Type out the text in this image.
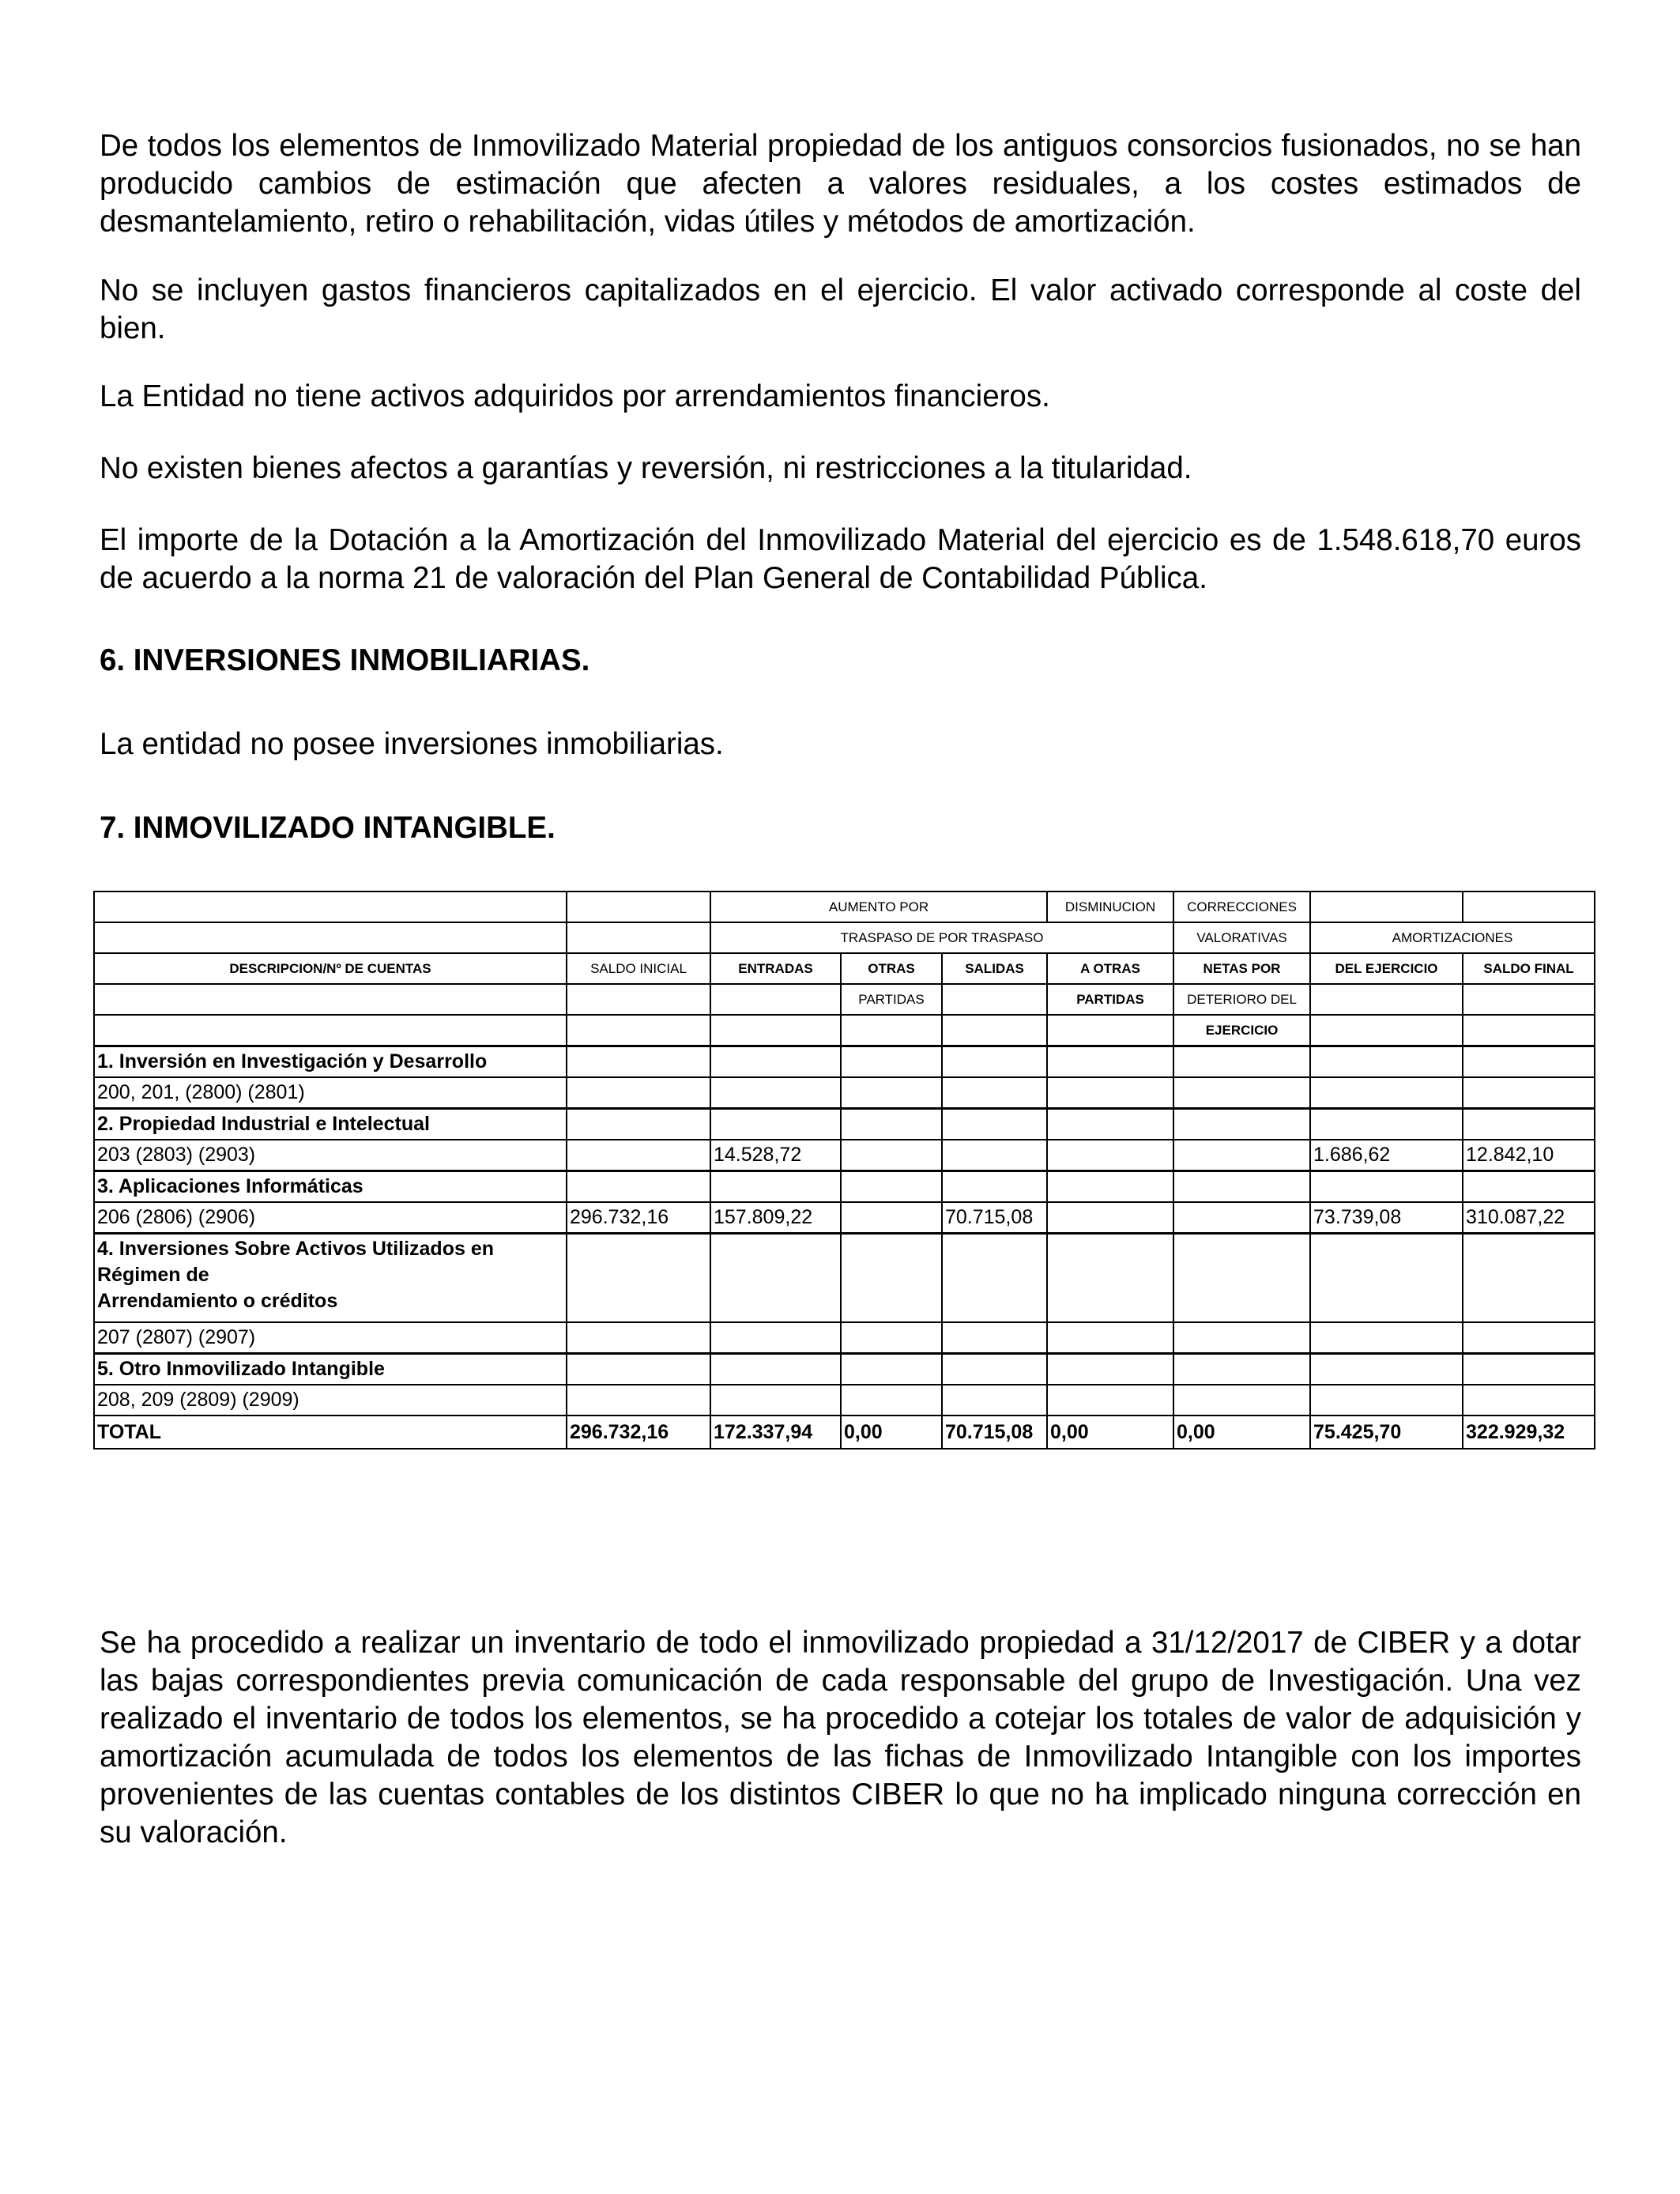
De todos los elementos de Inmovilizado Material propiedad de los antiguos consorcios fusionados, no se han producido cambios de estimación que afecten a valores residuales, a los costes estimados de desmantelamiento, retiro o rehabilitación, vidas útiles y métodos de amortización.

No se incluyen gastos financieros capitalizados en el ejercicio. El valor activado corresponde al coste del bien.

La Entidad no tiene activos adquiridos por arrendamientos financieros.

No existen bienes afectos a garantías y reversión, ni restricciones a la titularidad.

El importe de la Dotación a la Amortización del Inmovilizado Material del ejercicio es de 1.548.618,70 euros de acuerdo a la norma 21 de valoración del Plan General de Contabilidad Pública.

6. INVERSIONES INMOBILIARIAS.

La entidad no posee inversiones inmobiliarias.

7. INMOVILIZADO INTANGIBLE.
		AUMENTO POR			DISMINUCION	CORRECCIONES		
		TRASPASO DE POR TRASPASO				VALORATIVAS	AMORTIZACIONES	
DESCRIPCION/Nº DE CUENTAS	SALDO INICIAL	ENTRADAS	OTRAS	SALIDAS	A OTRAS	NETAS POR	DEL EJERCICIO	SALDO FINAL
			PARTIDAS		PARTIDAS	DETERIORO DEL		
						EJERCICIO		
1. Inversión en Investigación y Desarrollo								
200, 201, (2800) (2801)								
2. Propiedad Industrial e Intelectual								
203 (2803) (2903)		14.528,72					1.686,62	12.842,10
3. Aplicaciones Informáticas								
206 (2806) (2906)	296.732,16	157.809,22		70.715,08			73.739,08	310.087,22
4. Inversiones Sobre Activos Utilizados en Régimen de
Arrendamiento o créditos								
207 (2807) (2907)								
5. Otro Inmovilizado Intangible								
208, 209 (2809) (2909)								
TOTAL	296.732,16	172.337,94	0,00	70.715,08	0,00	0,00	75.425,70	322.929,32

Se ha procedido a realizar un inventario de todo el inmovilizado propiedad a 31/12/2017 de CIBER y a dotar las bajas correspondientes previa comunicación de cada responsable del grupo de Investigación. Una vez realizado el inventario de todos los elementos, se ha procedido a cotejar los totales de valor de adquisición y amortización acumulada de todos los elementos de las fichas de Inmovilizado Intangible con los importes provenientes de las cuentas contables de los distintos CIBER lo que no ha implicado ninguna corrección en su valoración.
